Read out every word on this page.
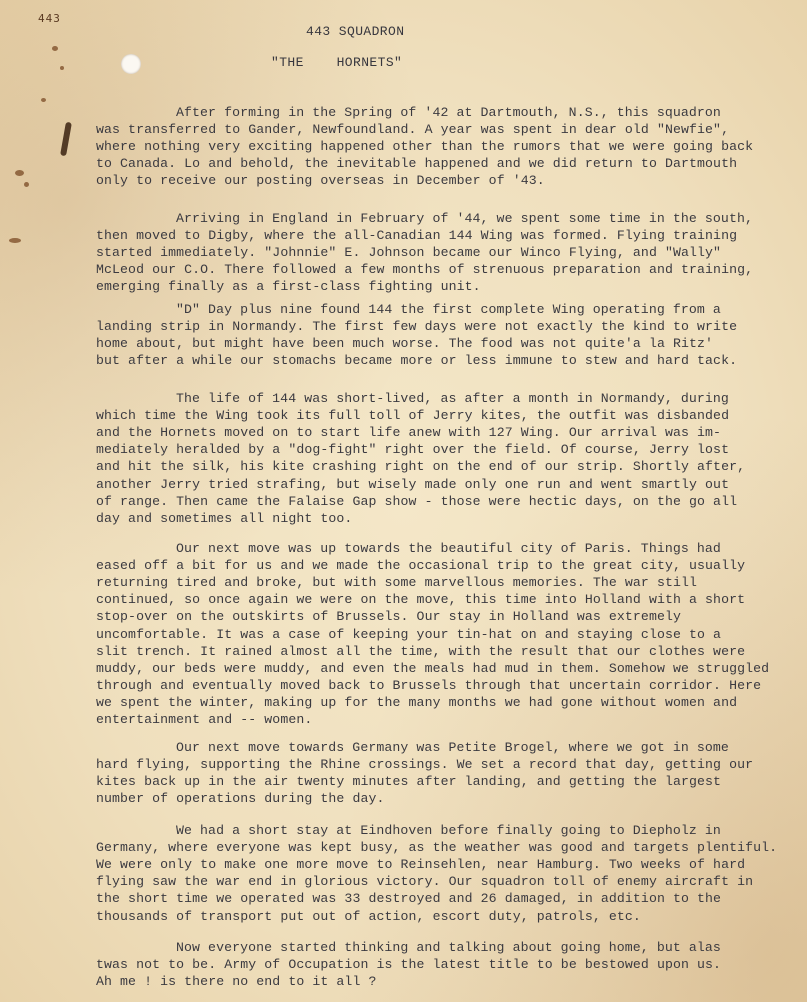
443
443 SQUADRON
"THE    HORNETS"
After forming in the Spring of '42 at Dartmouth, N.S., this squadron
was transferred to Gander, Newfoundland. A year was spent in dear old "Newfie",
where nothing very exciting happened other than the rumors that we were going back
to Canada. Lo and behold, the inevitable happened and we did return to Dartmouth
only to receive our posting overseas in December of '43.
Arriving in England in February of '44, we spent some time in the south,
then moved to Digby, where the all-Canadian 144 Wing was formed. Flying training
started immediately. "Johnnie" E. Johnson became our Winco Flying, and "Wally"
McLeod our C.O. There followed a few months of strenuous preparation and training,
emerging finally as a first-class fighting unit.
"D" Day plus nine found 144 the first complete Wing operating from a
landing strip in Normandy. The first few days were not exactly the kind to write
home about, but might have been much worse. The food was not quite'a la Ritz'
but after a while our stomachs became more or less immune to stew and hard tack.
The life of 144 was short-lived, as after a month in Normandy, during
which time the Wing took its full toll of Jerry kites, the outfit was disbanded
and the Hornets moved on to start life anew with 127 Wing. Our arrival was im-
mediately heralded by a "dog-fight" right over the field. Of course, Jerry lost
and hit the silk, his kite crashing right on the end of our strip. Shortly after,
another Jerry tried strafing, but wisely made only one run and went smartly out
of range. Then came the Falaise Gap show - those were hectic days, on the go all
day and sometimes all night too.
Our next move was up towards the beautiful city of Paris. Things had
eased off a bit for us and we made the occasional trip to the great city, usually
returning tired and broke, but with some marvellous memories. The war still
continued, so once again we were on the move, this time into Holland with a short
stop-over on the outskirts of Brussels. Our stay in Holland was extremely
uncomfortable. It was a case of keeping your tin-hat on and staying close to a
slit trench. It rained almost all the time, with the result that our clothes were
muddy, our beds were muddy, and even the meals had mud in them. Somehow we struggled
through and eventually moved back to Brussels through that uncertain corridor. Here
we spent the winter, making up for the many months we had gone without women and
entertainment and -- women.
Our next move towards Germany was Petite Brogel, where we got in some
hard flying, supporting the Rhine crossings. We set a record that day, getting our
kites back up in the air twenty minutes after landing, and getting the largest
number of operations during the day.
We had a short stay at Eindhoven before finally going to Diepholz in
Germany, where everyone was kept busy, as the weather was good and targets plentiful.
We were only to make one more move to Reinsehlen, near Hamburg. Two weeks of hard
flying saw the war end in glorious victory. Our squadron toll of enemy aircraft in
the short time we operated was 33 destroyed and 26 damaged, in addition to the
thousands of transport put out of action, escort duty, patrols, etc.
Now everyone started thinking and talking about going home, but alas
twas not to be. Army of Occupation is the latest title to be bestowed upon us.
Ah me ! is there no end to it all ?
